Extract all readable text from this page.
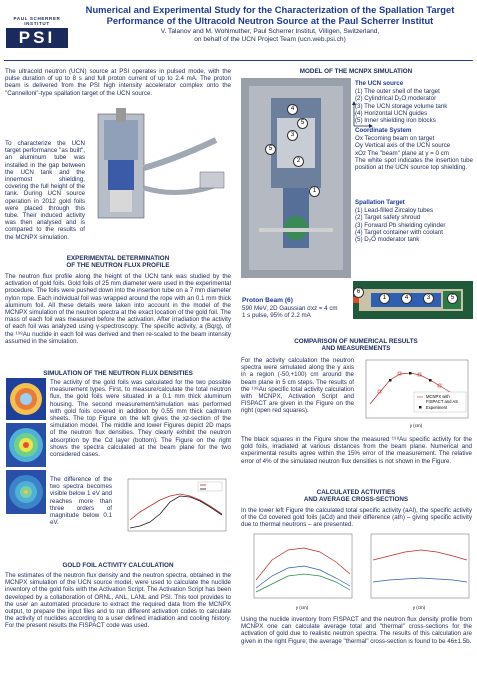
PAUL SCHERRER INSTITUT
PSI
Numerical and Experimental Study for the Characterization of the Spallation Target
Performance of the Ultracold Neutron Source at the Paul Scherrer Institut
V. Talanov and M. Wohlmuther, Paul Scherrer Institut, Villigen, Switzerland,
on behalf of the UCN Project Team (ucn.web.psi.ch)
The ultracold neutron (UCN) source at PSI operates in pulsed mode, with the pulse duration of up to 8 s and full proton current of up to 2.4 mA. The proton beam is delivered from the PSI high intensity accelerator complex onto the "Cannelloni"-type spallation target of the UCN source.
To characterize the UCN target performance "as built", an aluminum tube was installed in the gap between the UCN tank and the innermost shielding, covering the full height of the tank. During UCN source operation in 2012 gold foils were placed through this tube. Their induced activity was then analysed and is compared to the results of the MCNPX simulation.
EXPERIMENTAL DETERMINATION
OF THE NEUTRON FLUX PROFILE
The neutron flux profile along the height of the UCN tank was studied by the activation of gold foils. Gold foils of 25 mm diameter were used in the experimental procedure. The foils were pushed down into the insertion tube on a 7 mm diameter nylon rope. Each individual foil was wrapped around the rope with an 0.1 mm thick aluminum foil. All these details were taken into account in the model of the MCNPX simulation of the neutron spectra at the exact location of the gold foil. The mass of each foil was measured before the activation. After irradiation the activity of each foil was analyzed using γ-spectroscopy. The specific activity, a (Bq/g), of the ¹⁹⁸Au nuclide in each foil was derived and then re-scaled to the beam intensity assumed in the simulation.
SIMULATION OF THE NEUTRON FLUX DENSITIES
The activity of the gold foils was calculated for the two possible measurement types. First, to measure/calculate the total neutron flux, the gold foils were situated in a 0.1 mm thick aluminum housing. The second measurement/simulation was performed with gold foils covered in addition by 0.55 mm thick cadmium sheets. The top Figure on the left gives the xz-section of the simulation model. The middle and lower Figures depict 2D maps of the neutron flux densities. They clearly exhibit the neutron absorption by the Cd layer (bottom). The Figure on the right shows the spectra calculated at the beam plane for the two considered cases.
The difference of the two spectra becomes visible below 1 eV and reaches more than three orders of magnitude below 0.1 eV.
GOLD FOIL ACTIVITY CALCULATION
The estimates of the neutron flux density and the neutron spectra, obtained in the MCNPX simulation of the UCN source model, were used to calculate the nuclide inventory of the gold foils with the Activation Script. The Activation Script has been developed by a collaboration of ORNL, ANL, LANL and PSI. This tool provides to the user an automated procedure to extract the required data from the MCNPX output, to prepare the input files and to run different activation codes to calculate the activity of nuclides according to a user defined irradiation and cooling history. For the present results the FISPACT code was used.
MODEL OF THE MCNPX SIMULATION
4
3
5
2
5
1
The UCN source
(1) The outer shell of the target
(2) Cylindrical D₂O moderator
(3) The UCN storage volume tank
(4) Horizontal UCN guides
(5) Inner shielding iron blocks
Coordinate System
Ox Tecoming beam on target
Oy Vertical axis of the UCN source
xOz The "beam" plane at y = 0 cm
The white spot indicates the insertion tube position at the UCN source top shielding.
Spallation Target
(1) Lead-filled Zircaloy tubes
(2) Target safety shroud
(3) Forward Pb shielding cylinder
(4) Target container with coolant
(5) D₂O moderator tank
6
1	4	3	5
Proton Beam (6)
590 MeV, 2D Gaussian σxz = 4 cm
1 s pulse, 95% of 2.2 mA
COMPARISON OF NUMERICAL RESULTS
AND MEASUREMENTS
For the activity calculation the neutron spectra were simulated along the y axis in a region (-50,+100) cm around the beam plane in 5 cm steps. The results of the ¹⁹⁸Au specific total activity calculation with MCNPX, Activation Script and FISPACT are given in the Figure on the right (open red squares).
MCNPX with
FISPACT and AS
Experiment
y (cm)
The black squares in the Figure show the measured ¹⁹⁸Au specific activity for the gold foils, irradiated at various distances from the beam plane. Numerical and experimental results agree within the 15% error of the measurement. The relative error of 4% of the simulated neutron flux densities is not shown in the Figure.
CALCULATED ACTIVITIES
AND AVERAGE CROSS-SECTIONS
In the lower left Figure the calculated total specific activity (aAl), the specific activity of the Cd covered gold foils (aCd) and their difference (ath) – giving specific activity due to thermal neutrons – are presented.
y (cm)	y (cm)
Using the nuclide inventory from FISPACT and the neutron flux density profile from MCNPX one can calculate average total and "thermal" cross-sections for the activation of gold due to realistic neutron spectra. The results of this calculation are given in the right Figure; the average "thermal" cross-section is found to be 46±1.5b.
